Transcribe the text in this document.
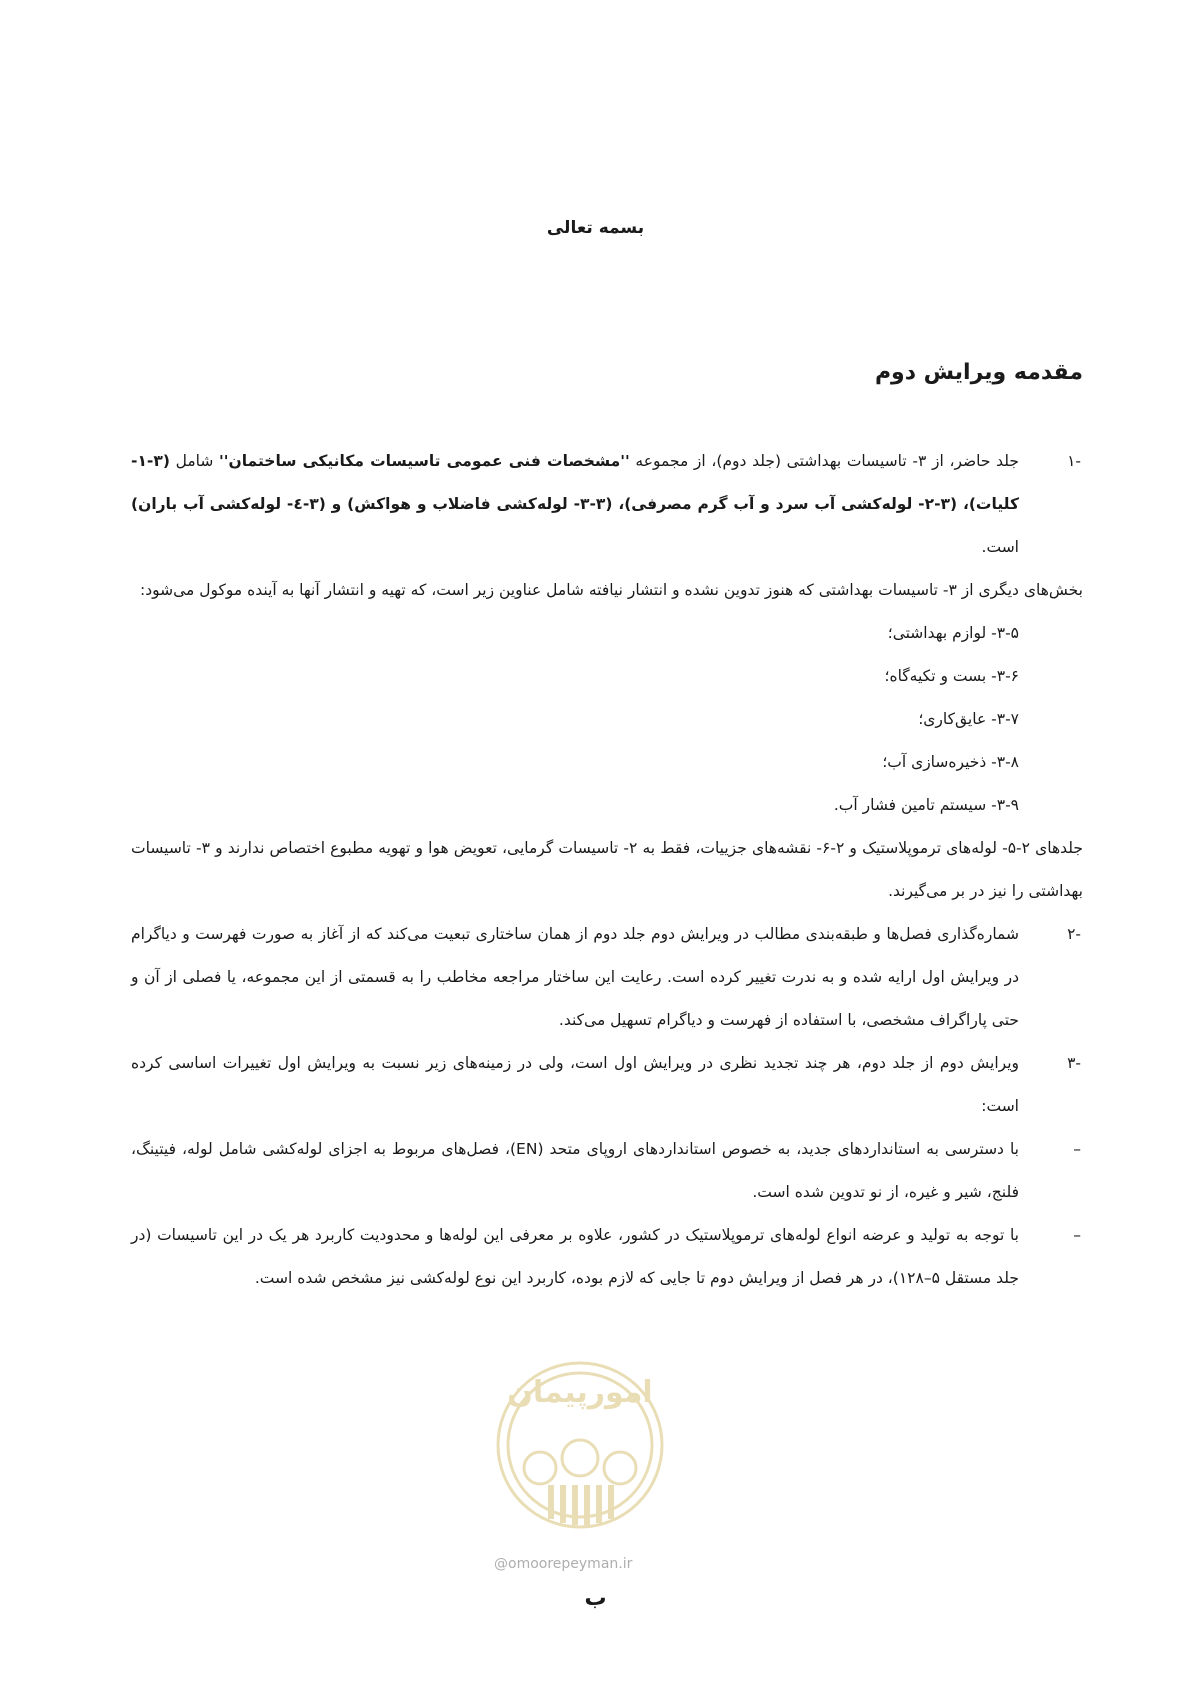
بسمه تعالی
مقدمه ویرایش دوم
-۱
جلد حاضر، از ۳- تاسیسات بهداشتی (جلد دوم)، از مجموعه ''مشخصات فنی عمومی تاسیسات مکانیکی ساختمان'' شامل (۳-۱- کلیات)، (۳-۲- لوله‌کشی آب سرد و آب گرم مصرفی)، (۳-۳- لوله‌کشی فاضلاب و هواکش) و (۳-٤- لوله‌کشی آب باران) است.
بخش‌های دیگری از ۳- تاسیسات بهداشتی که هنوز تدوین نشده و انتشار نیافته شامل عناوین زیر است، که تهیه و انتشار آنها به آینده موکول می‌شود:
۳-۵- لوازم بهداشتی؛
۳-۶- بست و تکیه‌گاه؛
۳-۷- عایق‌کاری؛
۳-۸- ذخیره‌سازی آب؛
۳-۹- سیستم تامین فشار آب.
جلدهای ۲-۵- لوله‌های ترموپلاستیک و ۲-۶- نقشه‌های جزییات، فقط به ۲- تاسیسات گرمایی، تعویض هوا و تهویه مطبوع اختصاص ندارند و ۳- تاسیسات بهداشتی را نیز در بر می‌گیرند.
-۲
شماره‌گذاری فصل‌ها و طبقه‌بندی مطالب در ویرایش دوم جلد دوم از همان ساختاری تبعیت می‌کند که از آغاز به صورت فهرست و دیاگرام در ویرایش اول ارایه شده و به ندرت تغییر کرده است. رعایت این ساختار مراجعه مخاطب را به قسمتی از این مجموعه، یا فصلی از آن و حتی پاراگراف مشخصی، با استفاده از فهرست و دیاگرام تسهیل می‌کند.
-۳
ویرایش دوم از جلد دوم، هر چند تجدید نظری در ویرایش اول است، ولی در زمینه‌های زیر نسبت به ویرایش اول تغییرات اساسی کرده است:
–
با دسترسی به استانداردهای جدید، به خصوص استانداردهای اروپای متحد (EN)، فصل‌های مربوط به اجزای لوله‌کشی شامل لوله، فیتینگ، فلنج، شیر و غیره، از نو تدوین شده است.
–
با توجه به تولید و عرضه انواع لوله‌های ترموپلاستیک در کشور، علاوه بر معرفی این لوله‌ها و محدودیت کاربرد هر یک در این تاسیسات (در جلد مستقل ۵–۱۲۸)، در هر فصل از ویرایش دوم تا جایی که لازم بوده، کاربرد این نوع لوله‌کشی نیز مشخص شده است.
امورپیمان
@omoorepeyman.ir
ب
